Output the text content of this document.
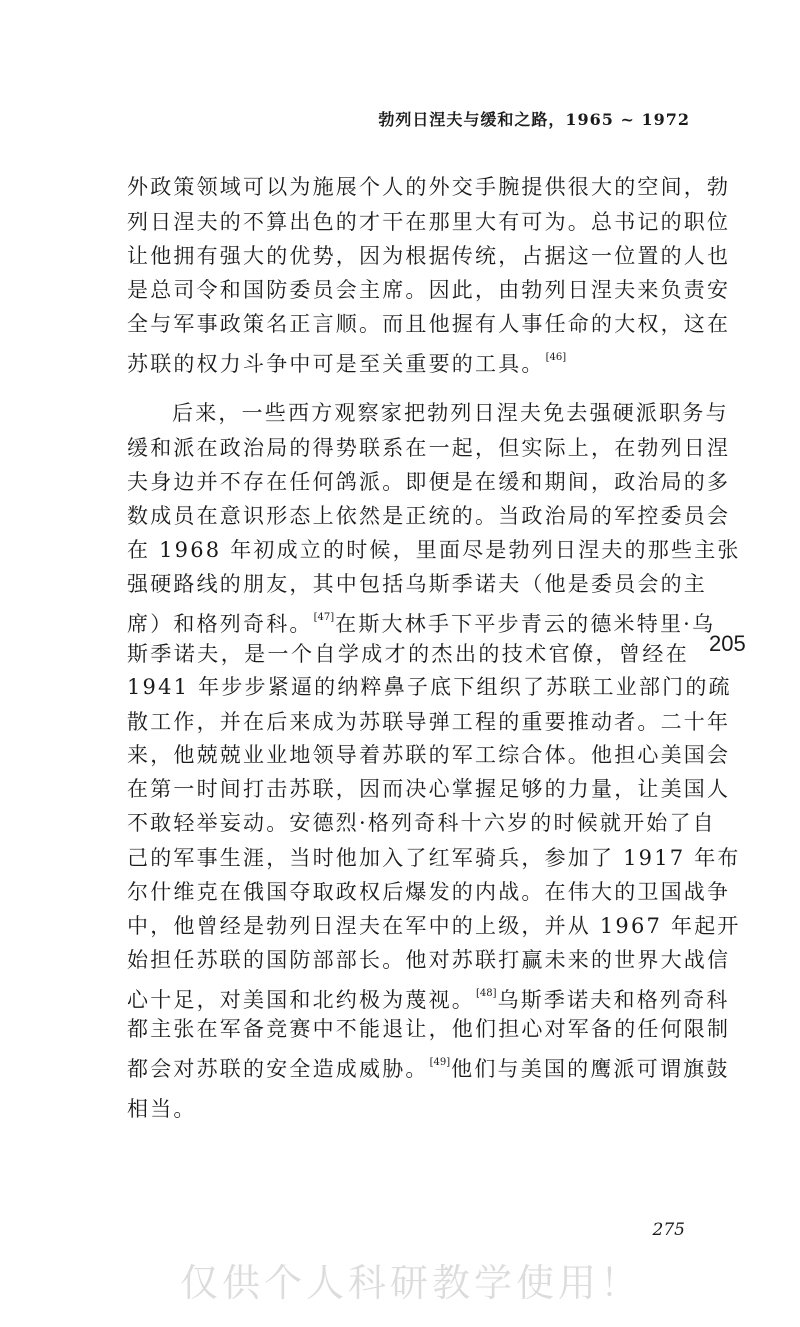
勃列日涅夫与缓和之路，1965 ~ 1972
外政策领域可以为施展个人的外交手腕提供很大的空间，勃
列日涅夫的不算出色的才干在那里大有可为。总书记的职位
让他拥有强大的优势，因为根据传统，占据这一位置的人也
是总司令和国防委员会主席。因此，由勃列日涅夫来负责安
全与军事政策名正言顺。而且他握有人事任命的大权，这在
苏联的权力斗争中可是至关重要的工具。[46]
后来，一些西方观察家把勃列日涅夫免去强硬派职务与
缓和派在政治局的得势联系在一起，但实际上，在勃列日涅
夫身边并不存在任何鸽派。即便是在缓和期间，政治局的多
数成员在意识形态上依然是正统的。当政治局的军控委员会
在 1968 年初成立的时候，里面尽是勃列日涅夫的那些主张
强硬路线的朋友，其中包括乌斯季诺夫（他是委员会的主
席）和格列奇科。[47]在斯大林手下平步青云的德米特里·乌
斯季诺夫，是一个自学成才的杰出的技术官僚，曾经在
1941 年步步紧逼的纳粹鼻子底下组织了苏联工业部门的疏
散工作，并在后来成为苏联导弹工程的重要推动者。二十年
来，他兢兢业业地领导着苏联的军工综合体。他担心美国会
在第一时间打击苏联，因而决心掌握足够的力量，让美国人
不敢轻举妄动。安德烈·格列奇科十六岁的时候就开始了自
己的军事生涯，当时他加入了红军骑兵，参加了 1917 年布
尔什维克在俄国夺取政权后爆发的内战。在伟大的卫国战争
中，他曾经是勃列日涅夫在军中的上级，并从 1967 年起开
始担任苏联的国防部部长。他对苏联打赢未来的世界大战信
心十足，对美国和北约极为蔑视。[48]乌斯季诺夫和格列奇科
都主张在军备竞赛中不能退让，他们担心对军备的任何限制
都会对苏联的安全造成威胁。[49]他们与美国的鹰派可谓旗鼓
相当。
205
275
仅供个人科研教学使用！
